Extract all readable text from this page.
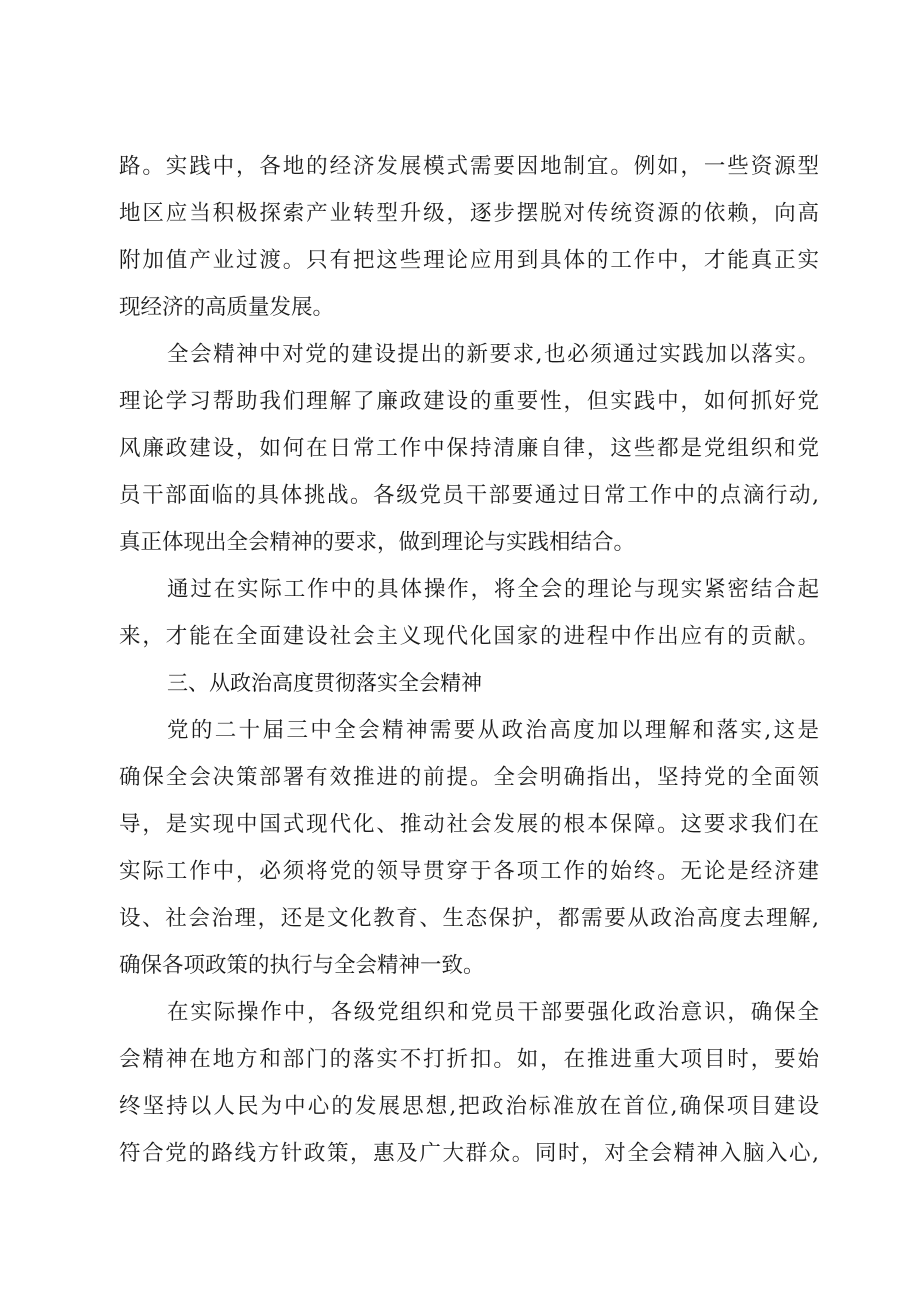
路。实践中，各地的经济发展模式需要因地制宜。例如，一些资源型
地区应当积极探索产业转型升级，逐步摆脱对传统资源的依赖，向高
附加值产业过渡。只有把这些理论应用到具体的工作中，才能真正实
现经济的高质量发展。
全会精神中对党的建设提出的新要求,也必须通过实践加以落实。
理论学习帮助我们理解了廉政建设的重要性，但实践中，如何抓好党
风廉政建设，如何在日常工作中保持清廉自律，这些都是党组织和党
员干部面临的具体挑战。各级党员干部要通过日常工作中的点滴行动,
真正体现出全会精神的要求，做到理论与实践相结合。
通过在实际工作中的具体操作，将全会的理论与现实紧密结合起
来，才能在全面建设社会主义现代化国家的进程中作出应有的贡献。
三、从政治高度贯彻落实全会精神
党的二十届三中全会精神需要从政治高度加以理解和落实,这是
确保全会决策部署有效推进的前提。全会明确指出，坚持党的全面领
导，是实现中国式现代化、推动社会发展的根本保障。这要求我们在
实际工作中，必须将党的领导贯穿于各项工作的始终。无论是经济建
设、社会治理，还是文化教育、生态保护，都需要从政治高度去理解,
确保各项政策的执行与全会精神一致。
在实际操作中，各级党组织和党员干部要强化政治意识，确保全
会精神在地方和部门的落实不打折扣。如，在推进重大项目时，要始
终坚持以人民为中心的发展思想,把政治标准放在首位,确保项目建设
符合党的路线方针政策，惠及广大群众。同时，对全会精神入脑入心,
